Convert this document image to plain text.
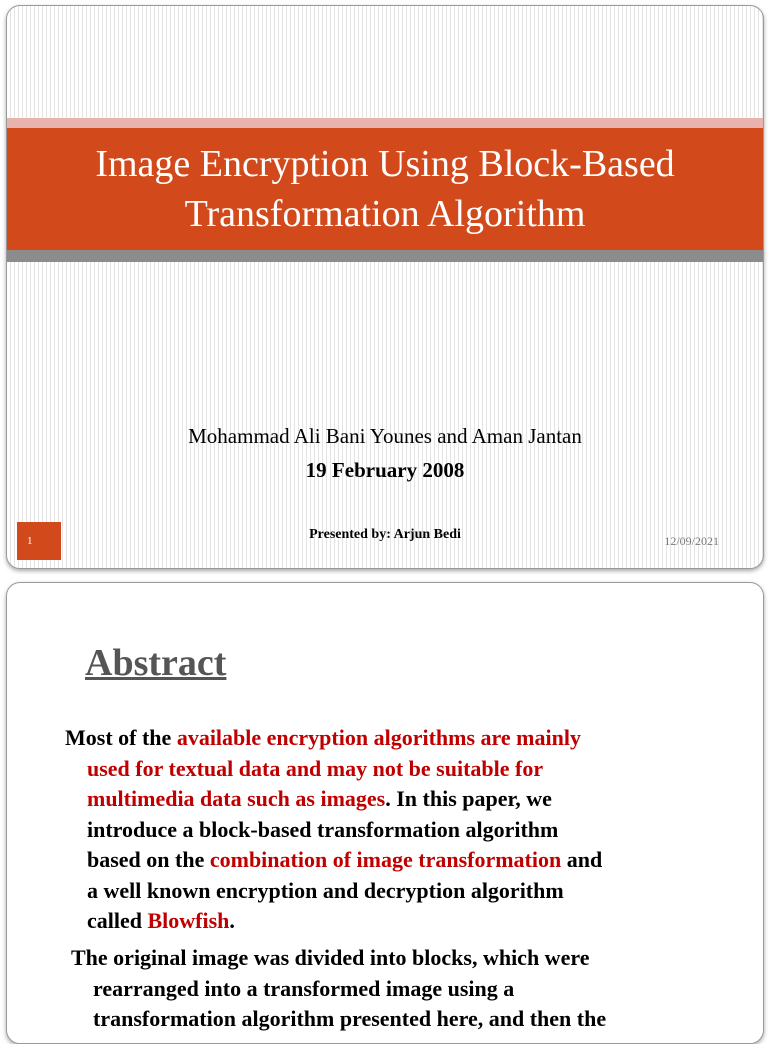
Image Encryption Using Block-Based
Transformation Algorithm
Mohammad Ali Bani Younes and Aman Jantan
19 February 2008
Presented by: Arjun Bedi
1	12/09/2021
Abstract
Most of the available encryption algorithms are mainly
used for textual data and may not be suitable for
multimedia data such as images. In this paper, we
introduce a block-based transformation algorithm
based on the combination of image transformation and
a well known encryption and decryption algorithm
called Blowfish.
The original image was divided into blocks, which were
rearranged into a transformed image using a
transformation algorithm presented here, and then the
